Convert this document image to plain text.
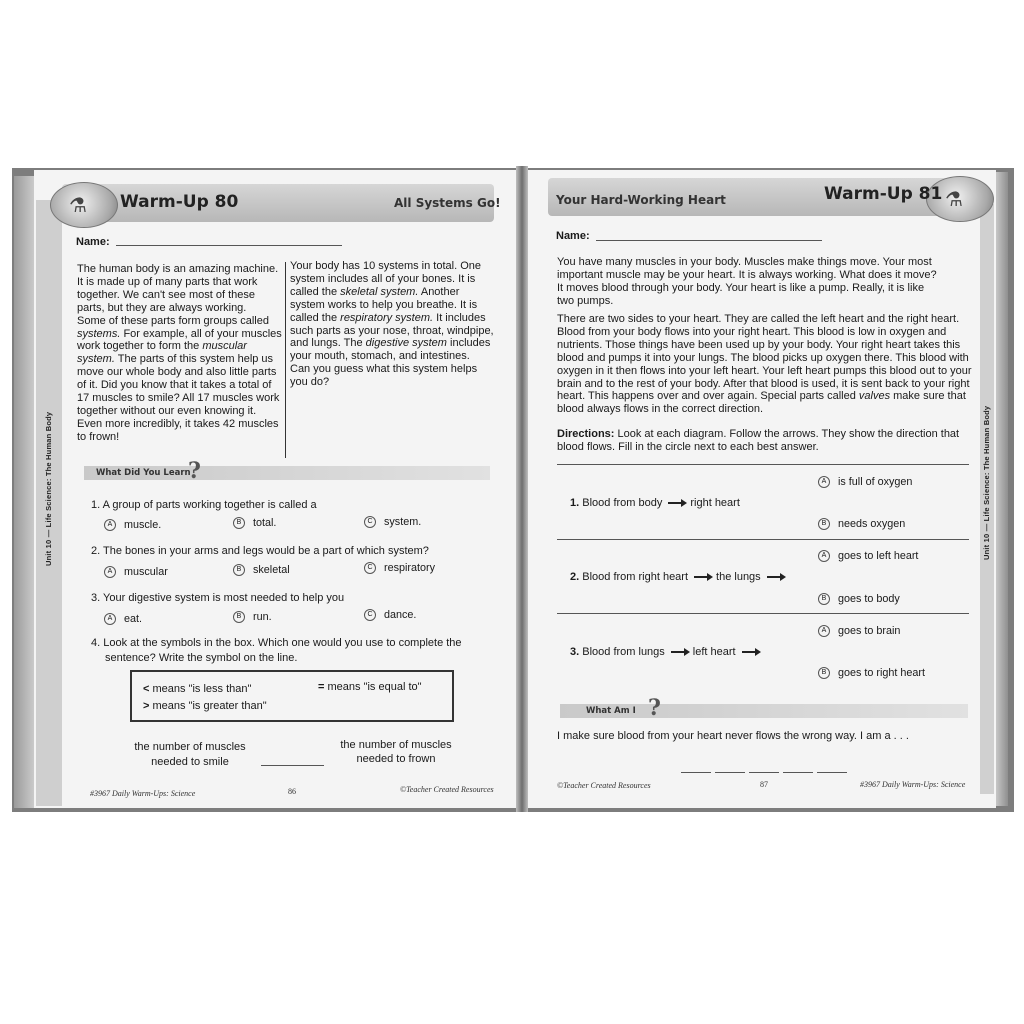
Unit 10 — Life Science: The Human Body	Unit 10 — Life Science: The Human Body
⚗ Warm-Up 80	All Systems Go!
Name:
The human body is an amazing machine.
It is made up of many parts that work
together. We can't see most of these
parts, but they are always working.
Some of these parts form groups called
systems. For example, all of your muscles
work together to form the muscular
system. The parts of this system help us
move our whole body and also little parts
of it. Did you know that it takes a total of
17 muscles to smile? All 17 muscles work
together without our even knowing it.
Even more incredibly, it takes 42 muscles
to frown!
Your body has 10 systems in total. One
system includes all of your bones. It is
called the skeletal system. Another
system works to help you breathe. It is
called the respiratory system. It includes
such parts as your nose, throat, windpipe,
and lungs. The digestive system includes
your mouth, stomach, and intestines.
Can you guess what this system helps
you do?
What Did You Learn
?
1. A group of parts working together is called a
A muscle.	B total.	C system.
2. The bones in your arms and legs would be a part of which system?
A muscular	B skeletal	C respiratory
3. Your digestive system is most needed to help you
A eat.	B run.	C dance.
4. Look at the symbols in the box. Which one would you use to complete the
sentence? Write the symbol on the line.
< means "is less than"	= means "is equal to"
> means "is greater than"
the number of muscles
needed to smile
the number of muscles
needed to frown
#3967 Daily Warm-Ups: Science	86	©Teacher Created Resources
⚗
Warm-Up 81
Your Hard-Working Heart
Name:
You have many muscles in your body. Muscles make things move. Your most
important muscle may be your heart. It is always working. What does it move?
It moves blood through your body. Your heart is like a pump. Really, it is like
two pumps.
There are two sides to your heart. They are called the left heart and the right heart.
Blood from your body flows into your right heart. This blood is low in oxygen and
nutrients. Those things have been used up by your body. Your right heart takes this
blood and pumps it into your lungs. The blood picks up oxygen there. This blood with
oxygen in it then flows into your left heart. Your left heart pumps this blood out to your
brain and to the rest of your body. After that blood is used, it is sent back to your right
heart. This happens over and over again. Special parts called valves make sure that
blood always flows in the correct direction.
Directions: Look at each diagram. Follow the arrows. They show the direction that
blood flows. Fill in the circle next to each best answer.
A is full of oxygen
1. Blood from body	right heart
B needs oxygen
A goes to left heart
2. Blood from right heart	the lungs
B goes to body
A goes to brain
3. Blood from lungs	left heart
B goes to right heart
What Am I ?
I make sure blood from your heart never flows the wrong way. I am a . . .
©Teacher Created Resources	87	#3967 Daily Warm-Ups: Science
